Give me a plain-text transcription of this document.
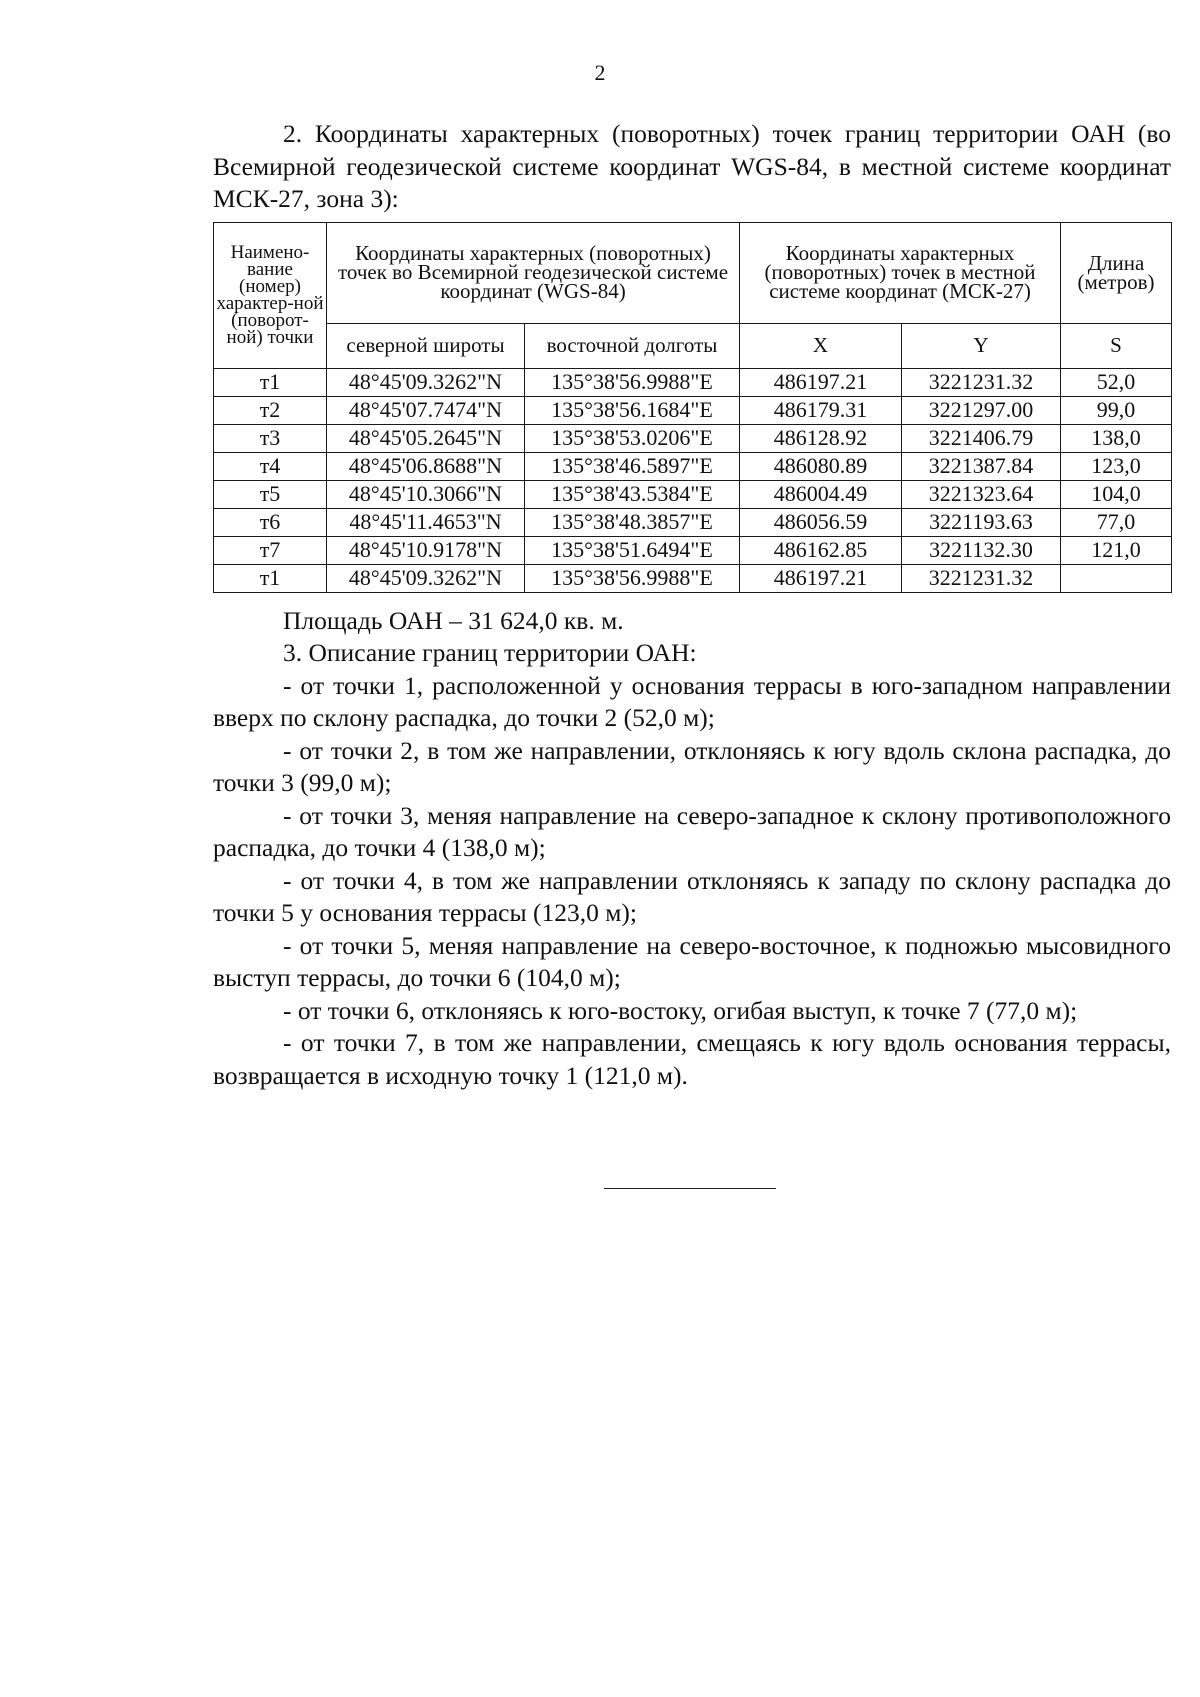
2

2. Координаты характерных (поворотных) точек границ территории ОАН (во Всемирной геодезической системе координат WGS-84, в местной системе координат МСК-27, зона 3):

Наимено-вание (номер) характер-ной (поворот-ной) точки	Координаты характерных (поворотных) точек во Всемирной геодезической системе координат (WGS-84)		Координаты характерных (поворотных) точек в местной системе координат (МСК-27)		Длина (метров)
	северной широты	восточной долготы	X	Y	S
т1	48°45'09.3262"N	135°38'56.9988"E	486197.21	3221231.32	52,0
т2	48°45'07.7474"N	135°38'56.1684"E	486179.31	3221297.00	99,0
т3	48°45'05.2645"N	135°38'53.0206"E	486128.92	3221406.79	138,0
т4	48°45'06.8688"N	135°38'46.5897"E	486080.89	3221387.84	123,0
т5	48°45'10.3066"N	135°38'43.5384"E	486004.49	3221323.64	104,0
т6	48°45'11.4653"N	135°38'48.3857"E	486056.59	3221193.63	77,0
т7	48°45'10.9178"N	135°38'51.6494"E	486162.85	3221132.30	121,0
т1	48°45'09.3262"N	135°38'56.9988"E	486197.21	3221231.32	

Площадь ОАН – 31 624,0 кв. м.

3. Описание границ территории ОАН:

- от точки 1, расположенной у основания террасы в юго-западном направлении вверх по склону распадка, до точки 2 (52,0 м);

- от точки 2, в том же направлении, отклоняясь к югу вдоль склона распадка, до точки 3 (99,0 м);

- от точки 3, меняя направление на северо-западное к склону противоположного распадка, до точки 4 (138,0 м);

- от точки 4, в том же направлении отклоняясь к западу по склону распадка до точки 5 у основания террасы (123,0 м);

- от точки 5, меняя направление на северо-восточное, к подножью мысовидного выступ террасы, до точки 6 (104,0 м);

- от точки 6, отклоняясь к юго-востоку, огибая выступ, к точке 7 (77,0 м);

- от точки 7, в том же направлении, смещаясь к югу вдоль основания террасы, возвращается в исходную точку 1 (121,0 м).
